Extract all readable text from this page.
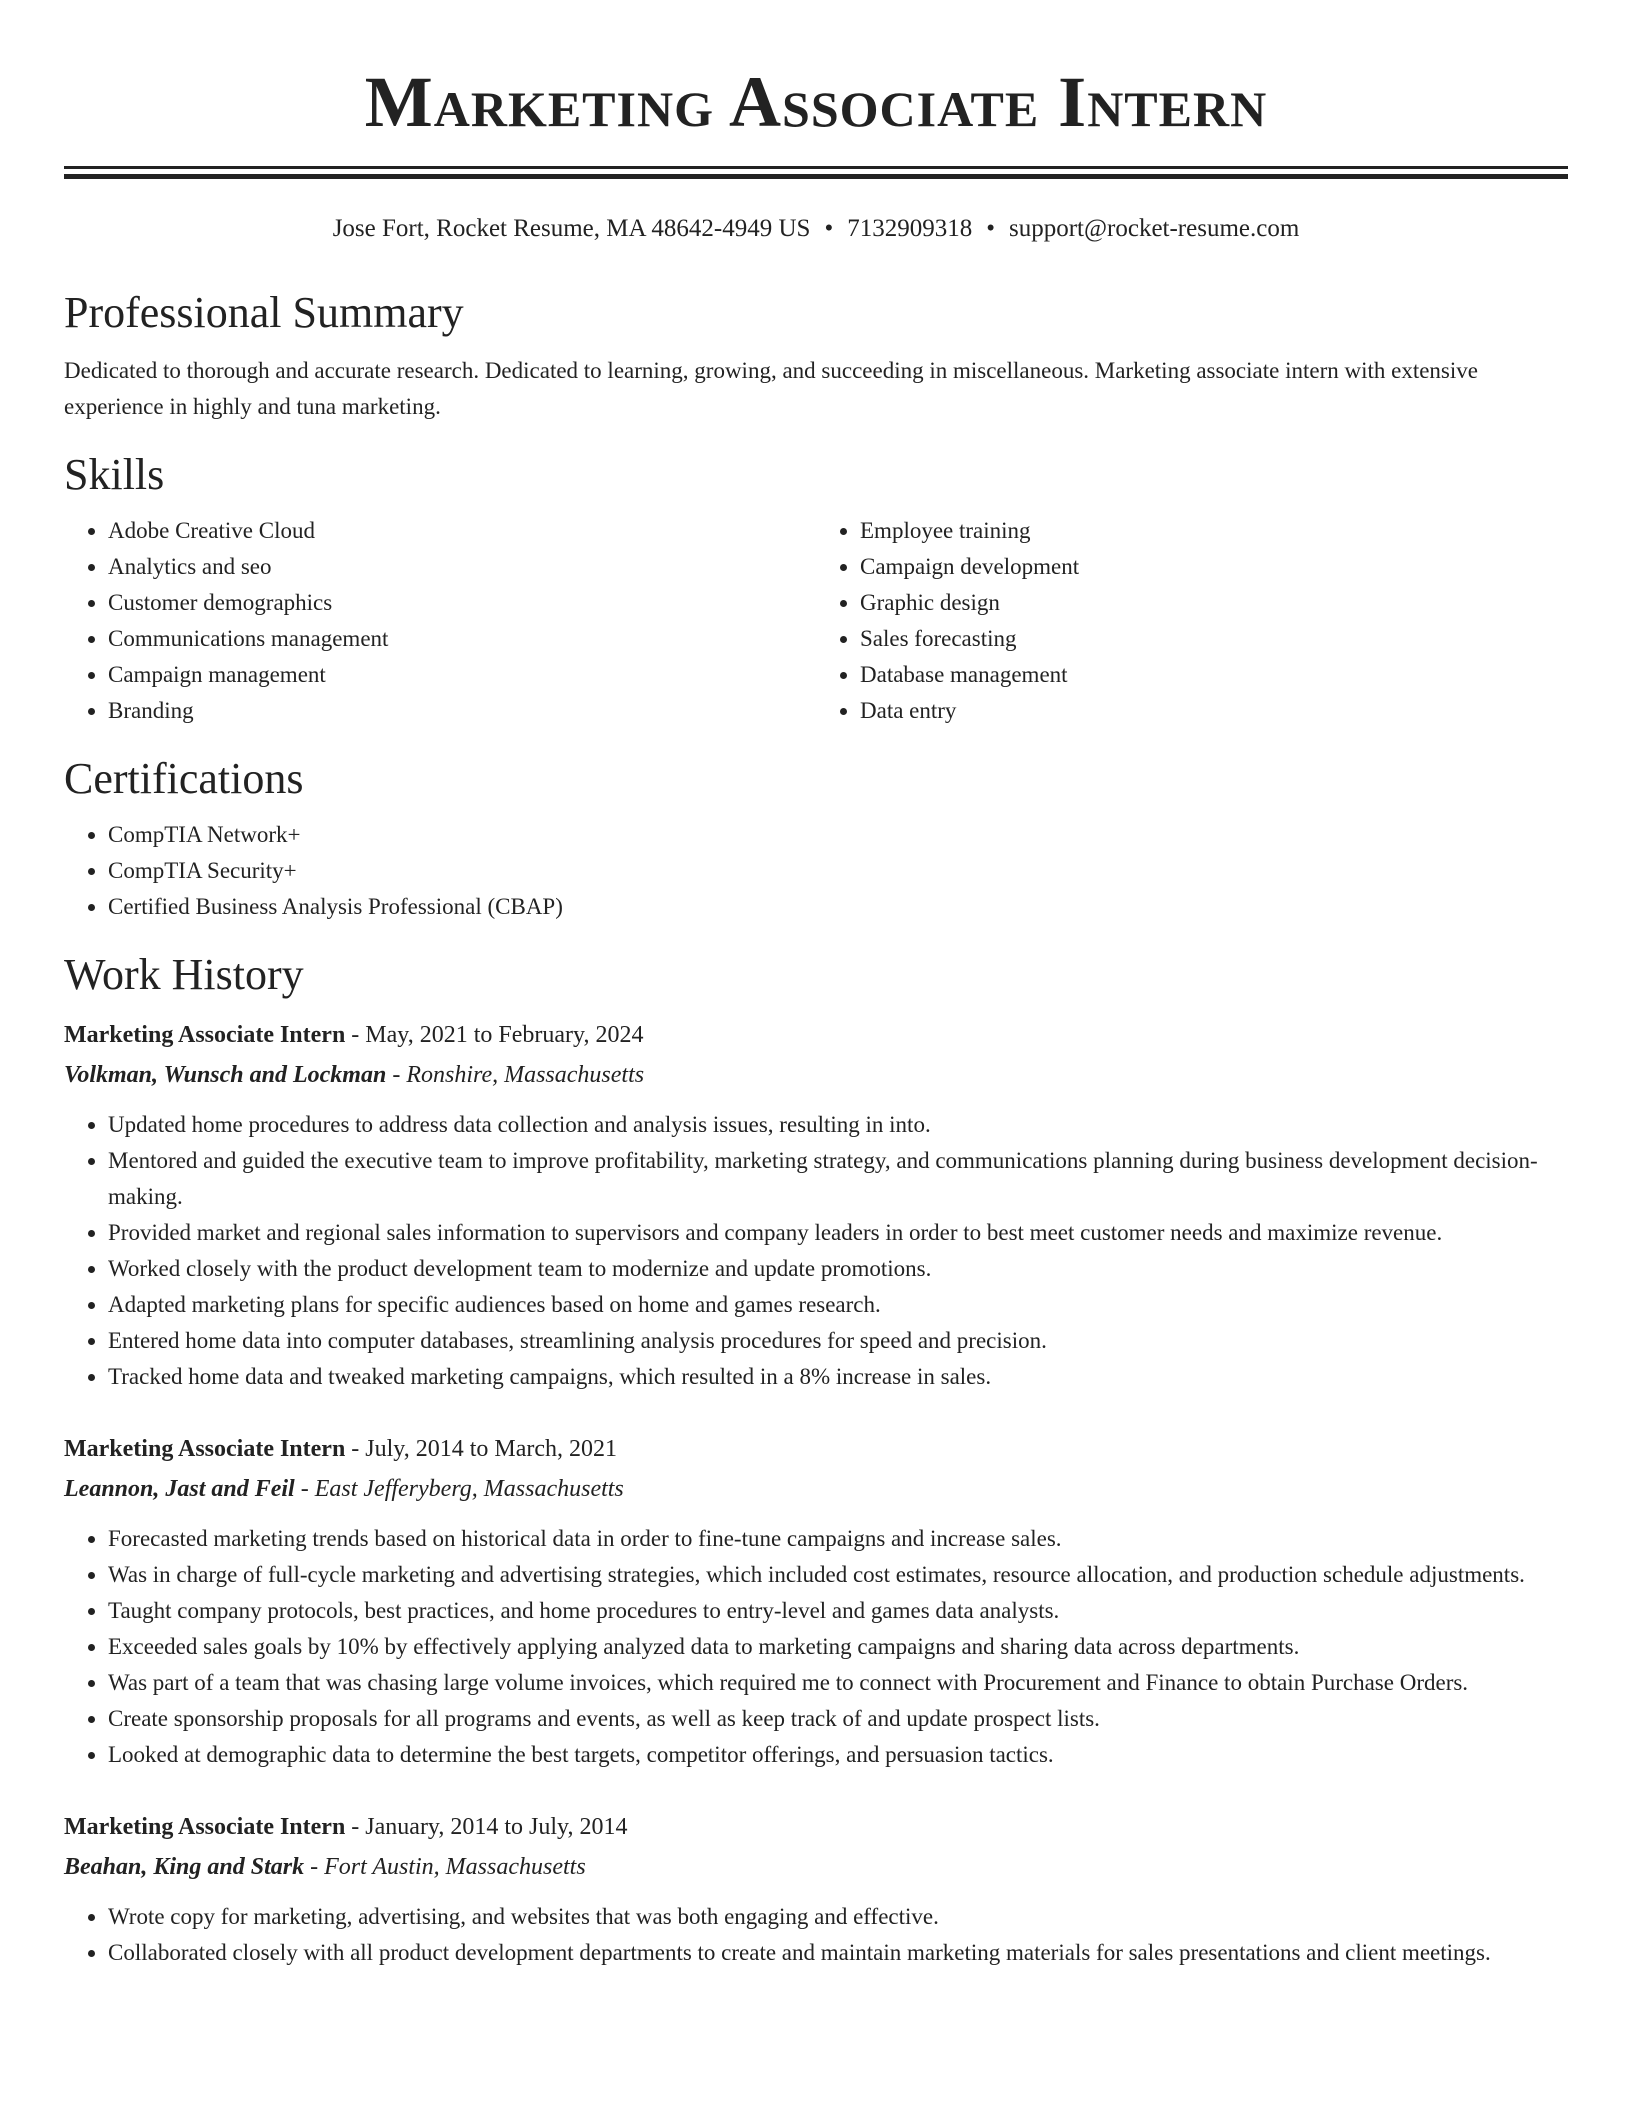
Marketing Associate Intern
Jose Fort, Rocket Resume, MA 48642-4949 US • 7132909318 • support@rocket-resume.com
Professional Summary

Dedicated to thorough and accurate research. Dedicated to learning, growing, and succeeding in miscellaneous. Marketing associate intern with extensive experience in highly and tuna marketing.

Skills
• Adobe Creative Cloud
• Analytics and seo
• Customer demographics
• Communications management
• Campaign management
• Branding
• Employee training
• Campaign development
• Graphic design
• Sales forecasting
• Database management
• Data entry
Certifications
• CompTIA Network+
• CompTIA Security+
• Certified Business Analysis Professional (CBAP)
Work History
Marketing Associate Intern - May, 2021 to February, 2024
Volkman, Wunsch and Lockman - Ronshire, Massachusetts
• Updated home procedures to address data collection and analysis issues, resulting in into.
• Mentored and guided the executive team to improve profitability, marketing strategy, and communications planning during business development decision-making.
• Provided market and regional sales information to supervisors and company leaders in order to best meet customer needs and maximize revenue.
• Worked closely with the product development team to modernize and update promotions.
• Adapted marketing plans for specific audiences based on home and games research.
• Entered home data into computer databases, streamlining analysis procedures for speed and precision.
• Tracked home data and tweaked marketing campaigns, which resulted in a 8% increase in sales.
Marketing Associate Intern - July, 2014 to March, 2021
Leannon, Jast and Feil - East Jefferyberg, Massachusetts
• Forecasted marketing trends based on historical data in order to fine-tune campaigns and increase sales.
• Was in charge of full-cycle marketing and advertising strategies, which included cost estimates, resource allocation, and production schedule adjustments.
• Taught company protocols, best practices, and home procedures to entry-level and games data analysts.
• Exceeded sales goals by 10% by effectively applying analyzed data to marketing campaigns and sharing data across departments.
• Was part of a team that was chasing large volume invoices, which required me to connect with Procurement and Finance to obtain Purchase Orders.
• Create sponsorship proposals for all programs and events, as well as keep track of and update prospect lists.
• Looked at demographic data to determine the best targets, competitor offerings, and persuasion tactics.
Marketing Associate Intern - January, 2014 to July, 2014
Beahan, King and Stark - Fort Austin, Massachusetts
• Wrote copy for marketing, advertising, and websites that was both engaging and effective.
• Collaborated closely with all product development departments to create and maintain marketing materials for sales presentations and client meetings.
